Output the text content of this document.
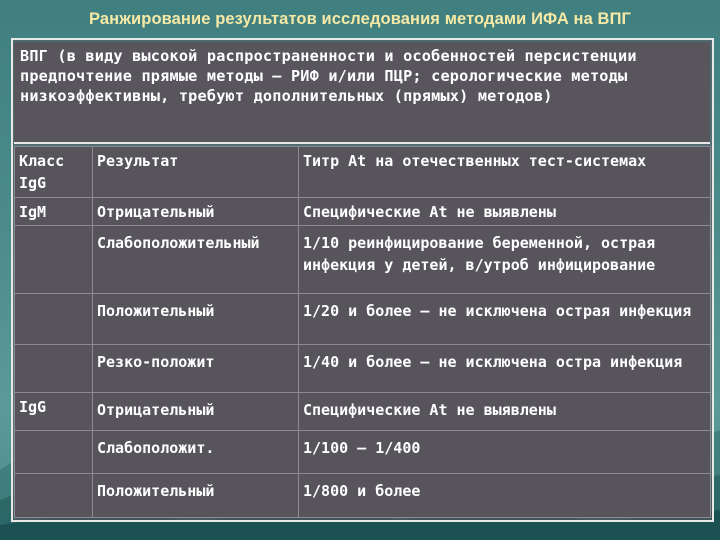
Ранжирование результатов исследования методами ИФА на ВПГ
ВПГ (в виду высокой распространенности и особенностей персистенции предпочтение прямые методы – РИФ и/или ПЦР; серологические методы низкоэффективны, требуют дополнительных (прямых) методов)
Класс IgG	Результат	Титр At на отечественных тест-системах
IgM	Отрицательный	Специфические At не выявлены
	Слабоположительный	1/10 реинфицирование беременной, острая инфекция у детей, в/утроб инфицирование
	Положительный	1/20 и более – не исключена острая инфекция
	Резко-положит	1/40 и более – не исключена остра инфекция
IgG	Отрицательный	Специфические At не выявлены
	Слабоположит.	1/100 – 1/400
	Положительный	1/800 и более
